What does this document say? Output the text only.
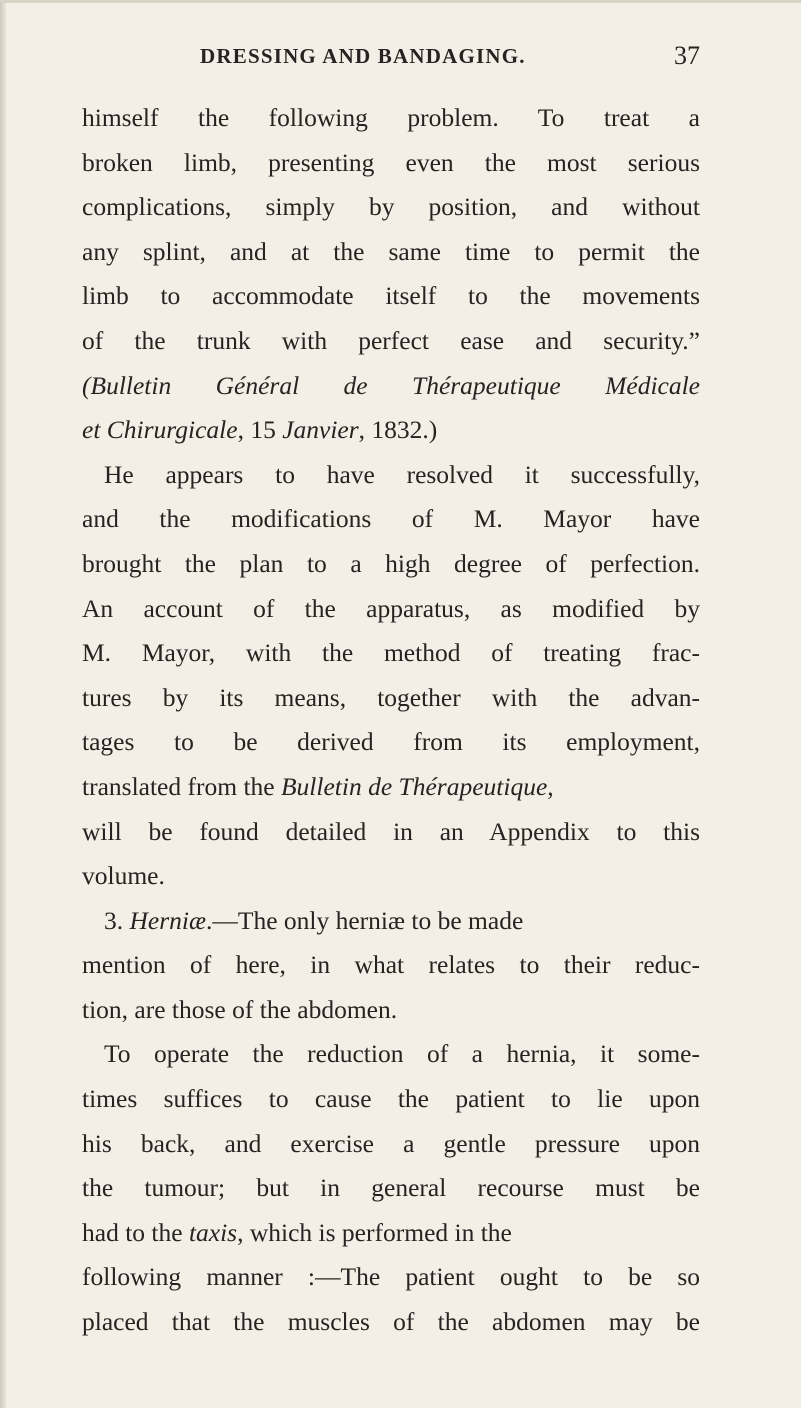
DRESSING AND BANDAGING.	37
himself the following problem. To treat a
broken limb, presenting even the most serious
complications, simply by position, and without
any splint, and at the same time to permit the
limb to accommodate itself to the movements
of the trunk with perfect ease and security.”
(Bulletin Général de Thérapeutique Médicale
et Chirurgicale, 15 Janvier, 1832.)
He appears to have resolved it successfully,
and the modifications of M. Mayor have
brought the plan to a high degree of perfection.
An account of the apparatus, as modified by
M. Mayor, with the method of treating frac-
tures by its means, together with the advan-
tages to be derived from its employment,
translated from the Bulletin de Thérapeutique,
will be found detailed in an Appendix to this
volume.
3. Herniæ.—The only herniæ to be made
mention of here, in what relates to their reduc-
tion, are those of the abdomen.
To operate the reduction of a hernia, it some-
times suffices to cause the patient to lie upon
his back, and exercise a gentle pressure upon
the tumour; but in general recourse must be
had to the taxis, which is performed in the
following manner :—The patient ought to be so
placed that the muscles of the abdomen may be
